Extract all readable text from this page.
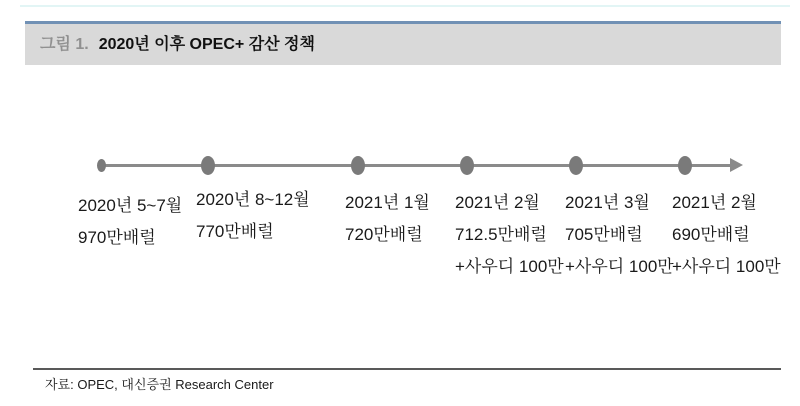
그림 1. 2020년 이후 OPEC+ 감산 정책
2020년 5~7월
970만배럴
2020년 8~12월
770만배럴
2021년 1월
720만배럴
2021년 2월
712.5만배럴
+사우디 100만
2021년 3월
705만배럴
+사우디 100만
2021년 2월
690만배럴
+사우디 100만
자료: OPEC, 대신증권 Research Center
